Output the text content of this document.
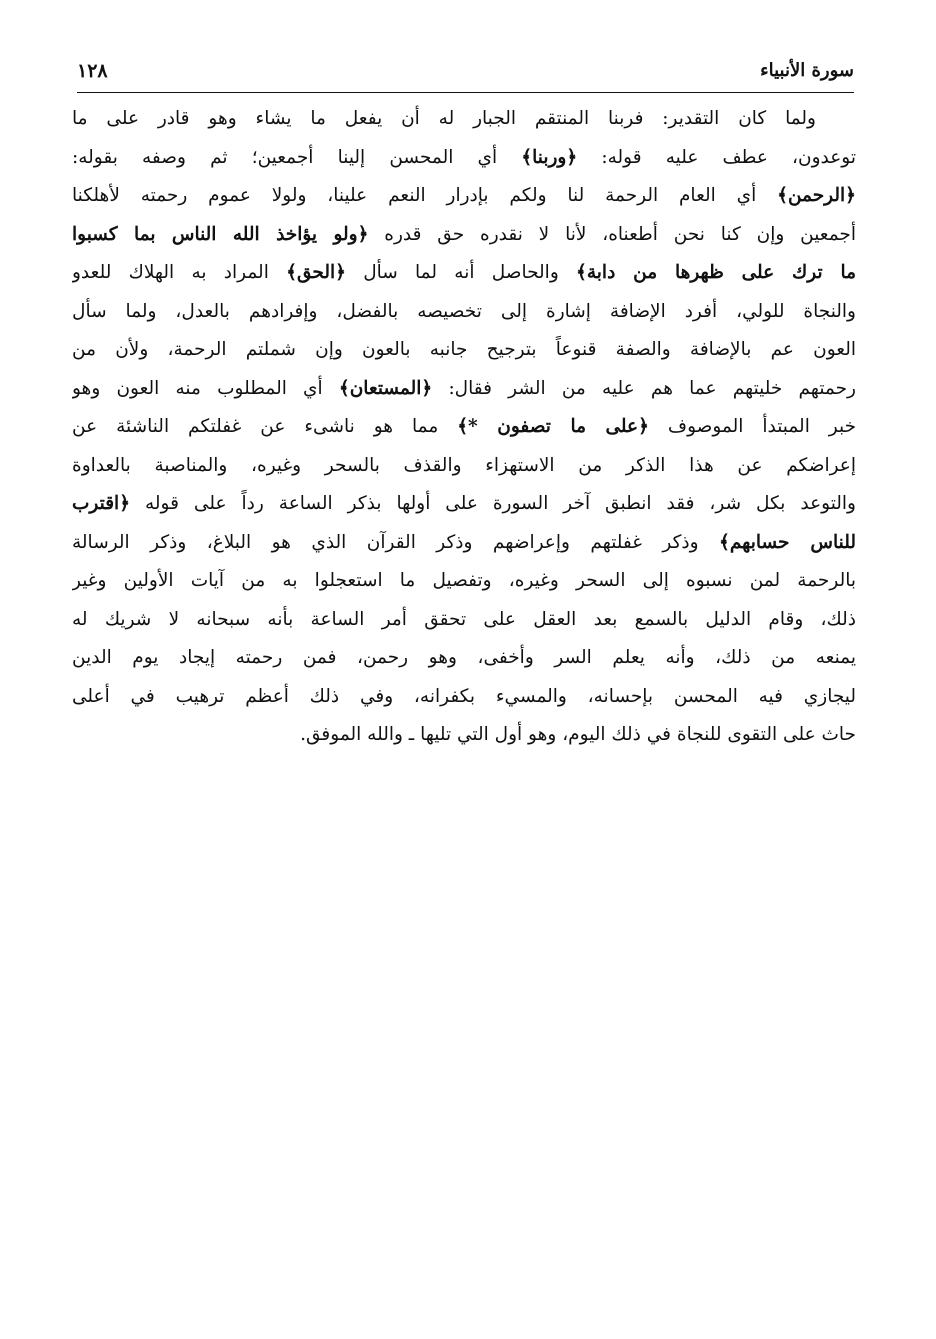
١٢٨	سورة الأنبياء
ولما كان التقدير: فربنا المنتقم الجبار له أن يفعل ما يشاء وهو قادر على ما
توعدون، عطف عليه قوله: ﴿وربنا﴾ أي المحسن إلينا أجمعين؛ ثم وصفه بقوله:
﴿الرحمن﴾ أي العام الرحمة لنا ولكم بإدرار النعم علينا، ولولا عموم رحمته لأهلكنا
أجمعين وإن كنا نحن أطعناه، لأنا لا نقدره حق قدره ﴿ولو يؤاخذ الله الناس بما كسبوا
ما ترك على ظهرها من دابة﴾ والحاصل أنه لما سأل ﴿الحق﴾ المراد به الهلاك للعدو
والنجاة للولي، أفرد الإضافة إشارة إلى تخصيصه بالفضل، وإفرادهم بالعدل، ولما سأل
العون عم بالإضافة والصفة قنوعاً بترجيح جانبه بالعون وإن شملتم الرحمة، ولأن من
رحمتهم خليتهم عما هم عليه من الشر فقال: ﴿المستعان﴾ أي المطلوب منه العون وهو
خبر المبتدأ الموصوف ﴿على ما تصفون *﴾ مما هو ناشىء عن غفلتكم الناشئة عن
إعراضكم عن هذا الذكر من الاستهزاء والقذف بالسحر وغيره، والمناصبة بالعداوة
والتوعد بكل شر، فقد انطبق آخر السورة على أولها بذكر الساعة رداً على قوله ﴿اقترب
للناس حسابهم﴾ وذكر غفلتهم وإعراضهم وذكر القرآن الذي هو البلاغ، وذكر الرسالة
بالرحمة لمن نسبوه إلى السحر وغيره، وتفصيل ما استعجلوا به من آيات الأولين وغير
ذلك، وقام الدليل بالسمع بعد العقل على تحقق أمر الساعة بأنه سبحانه لا شريك له
يمنعه من ذلك، وأنه يعلم السر وأخفى، وهو رحمن، فمن رحمته إيجاد يوم الدين
ليجازي فيه المحسن بإحسانه، والمسيء بكفرانه، وفي ذلك أعظم ترهيب في أعلى
حاث على التقوى للنجاة في ذلك اليوم، وهو أول التي تليها ـ والله الموفق.
